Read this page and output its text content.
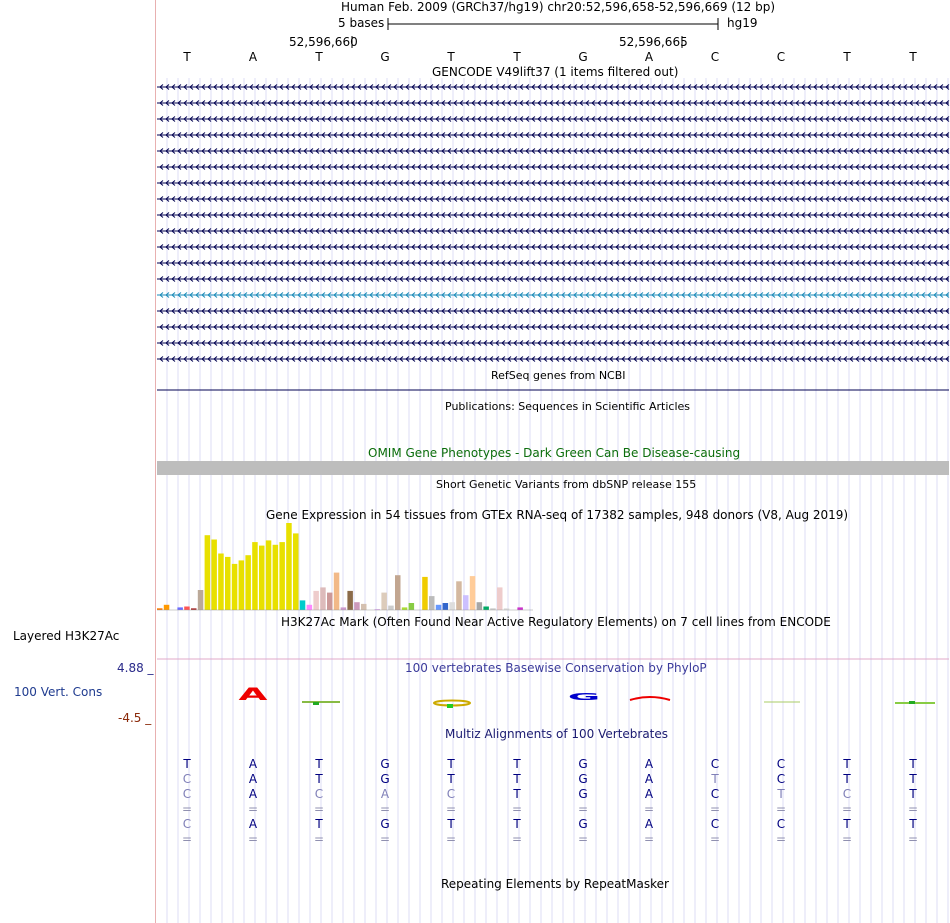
A	G
Layered H3K27Ac
100 Vert. Cons
Human Feb. 2009 (GRCh37/hg19) chr20:52,596,658-52,596,669 (12 bp)
5 bases	hg19
52,596,660	52,596,665
T	A	T	G	T	T	G	A	C	C	T	T
GENCODE V49lift37 (1 items filtered out)
RefSeq genes from NCBI
Publications: Sequences in Scientific Articles
OMIM Gene Phenotypes - Dark Green Can Be Disease-causing
Short Genetic Variants from dbSNP release 155
Gene Expression in 54 tissues from GTEx RNA-seq of 17382 samples, 948 donors (V8, Aug 2019)
H3K27Ac Mark (Often Found Near Active Regulatory Elements) on 7 cell lines from ENCODE
100 vertebrates Basewise Conservation by PhyloP
4.88 _
-4.5 _
Multiz Alignments of 100 Vertebrates
T	A	T	G	T	T	G	A	C	C	T	T
C	A	T	G	T	T	G	A	T	C	T	T
C	A	C	A	C	T	G	A	C	T	C	T
=	=	=	=	=	=	=	=	=	=	=	=
C	A	T	G	T	T	G	A	C	C	T	T
=	=	=	=	=	=	=	=	=	=	=	=
Repeating Elements by RepeatMasker
